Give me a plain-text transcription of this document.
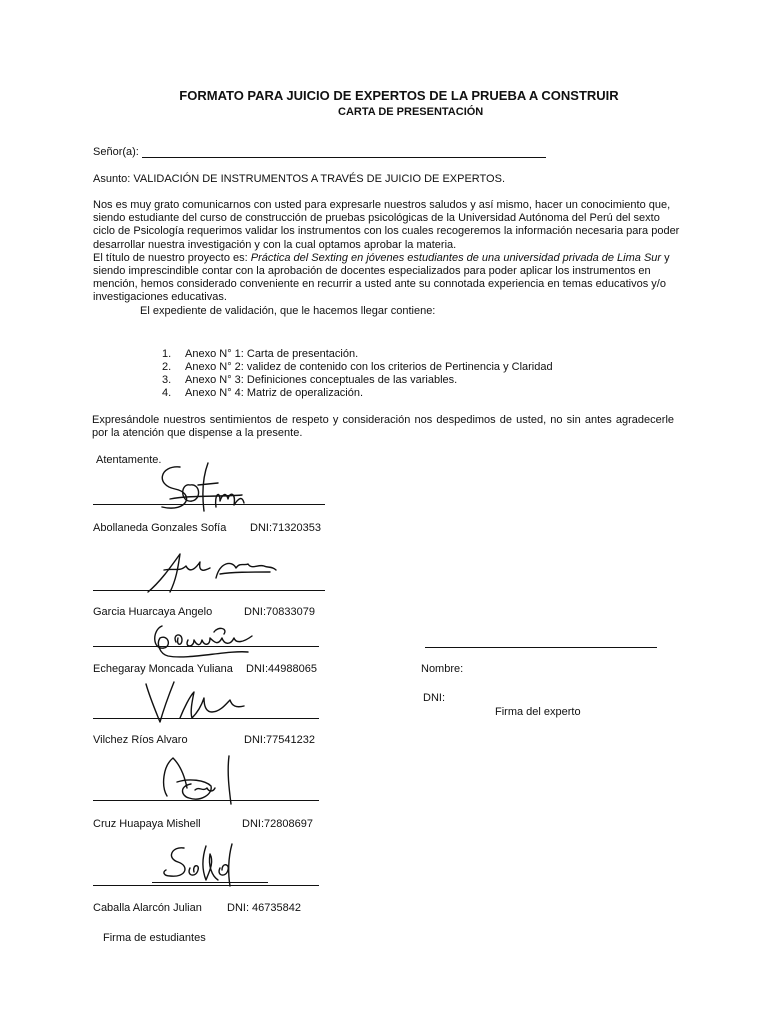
FORMATO PARA JUICIO DE EXPERTOS DE LA PRUEBA A CONSTRUIR
CARTA DE PRESENTACIÓN
Señor(a):
Asunto: VALIDACIÓN DE INSTRUMENTOS A TRAVÉS DE JUICIO DE EXPERTOS.

Nos es muy grato comunicarnos con usted para expresarle nuestros saludos y así mismo, hacer un conocimiento que, siendo estudiante del curso de construcción de pruebas psicológicas de la Universidad Autónoma del Perú del sexto ciclo de Psicología requerimos validar los instrumentos con los cuales recogeremos la información necesaria para poder desarrollar nuestra investigación y con la cual optamos aprobar la materia.

El título de nuestro proyecto es: Práctica del Sexting en jóvenes estudiantes de una universidad privada de Lima Sur y siendo imprescindible contar con la aprobación de docentes especializados para poder aplicar los instrumentos en mención, hemos considerado conveniente en recurrir a usted ante su connotada experiencia en temas educativos y/o investigaciones educativas.

El expediente de validación, que le hacemos llegar contiene:

1. Anexo N° 1: Carta de presentación.
2. Anexo N° 2: validez de contenido con los criterios de Pertinencia y Claridad
3. Anexo N° 3: Definiciones conceptuales de las variables.
4. Anexo N° 4: Matriz de operalización.
Expresándole nuestros sentimientos de respeto y consideración nos despedimos de usted, no sin antes agradecerle por la atención que dispense a la presente.
Atentamente.
Abollaneda Gonzales Sofía DNI:71320353
Garcia Huarcaya Angelo	DNI:70833079
Echegaray Moncada Yuliana DNI:44988065	Nombre:
DNI:
Firma del experto
Vilchez Ríos Alvaro	DNI:77541232
Cruz Huapaya Mishell	DNI:72808697
Caballa Alarcón Julian DNI: 46735842
Firma de estudiantes
